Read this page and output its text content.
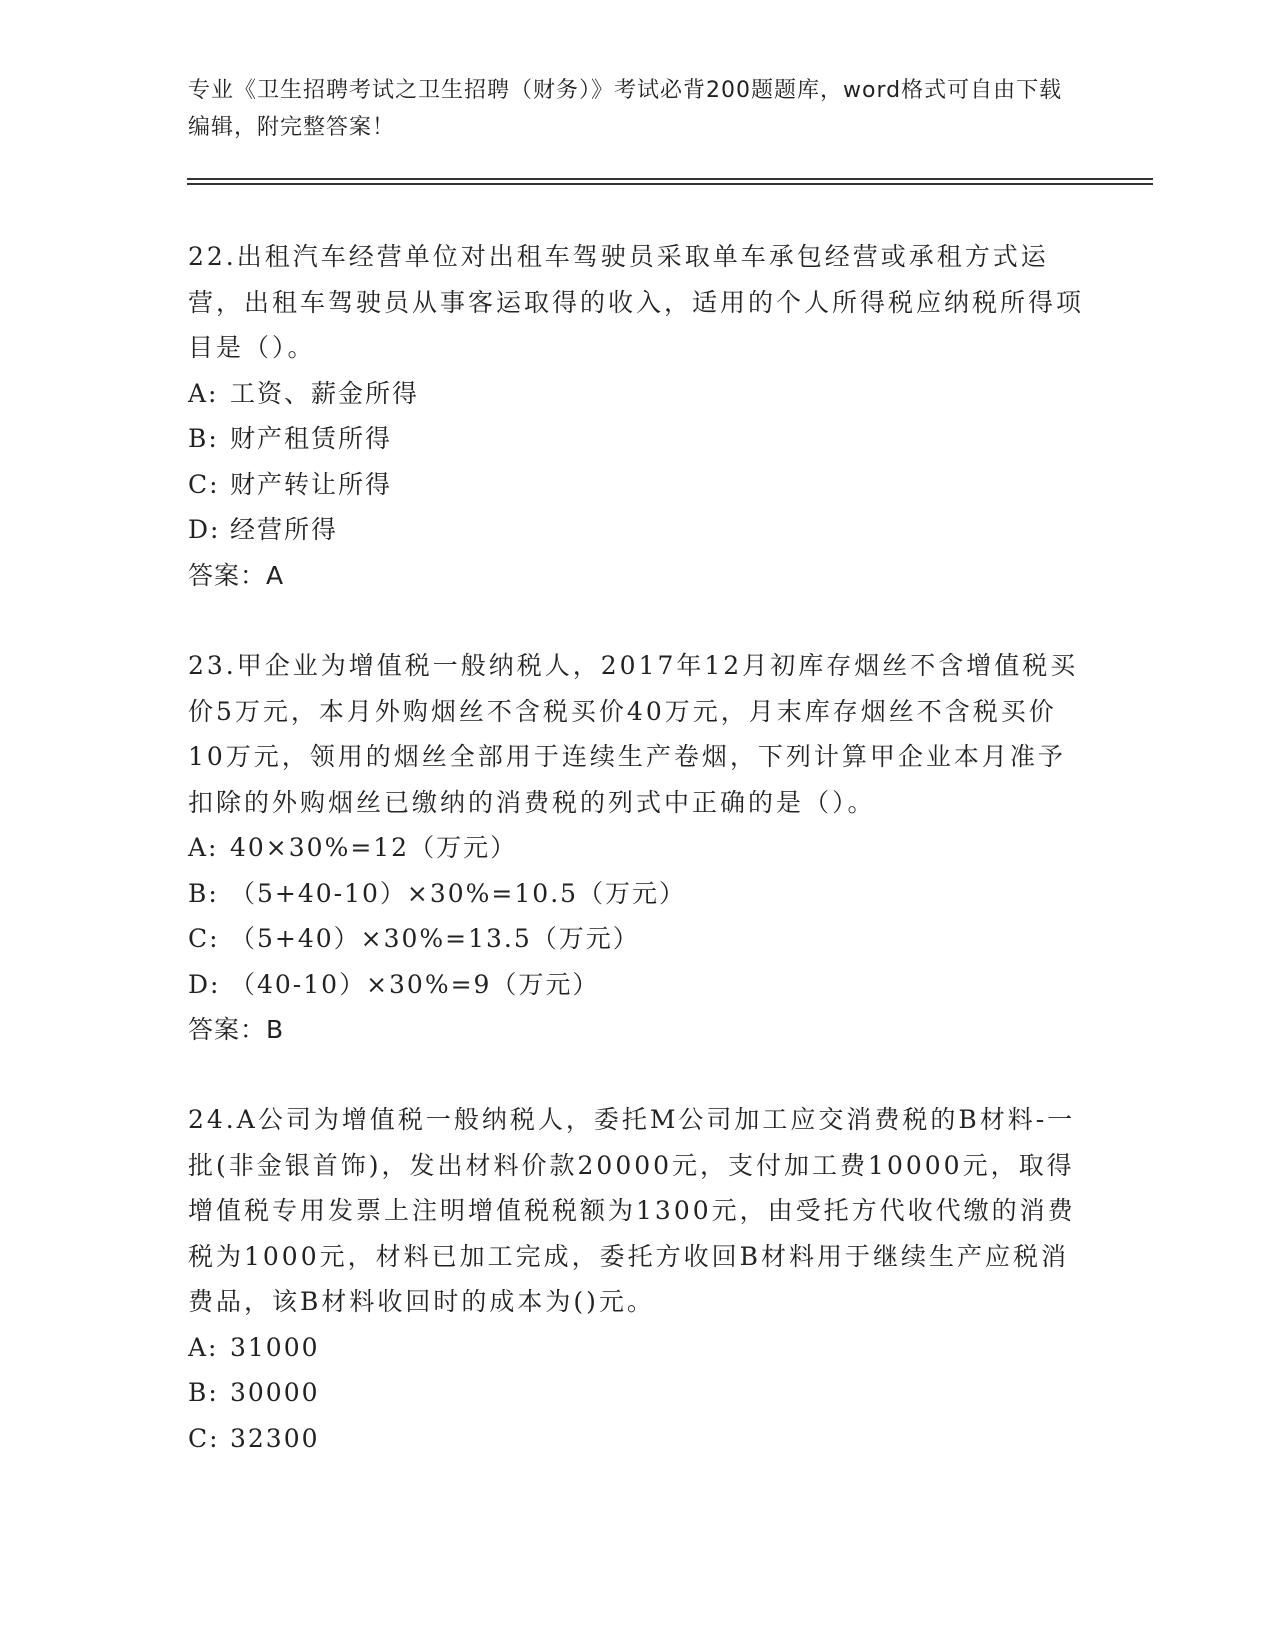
专业《卫生招聘考试之卫生招聘（财务）》考试必背200题题库，word格式可自由下载编辑，附完整答案！

22.出租汽车经营单位对出租车驾驶员采取单车承包经营或承租方式运营，出租车驾驶员从事客运取得的收入，适用的个人所得税应纳税所得项目是（）。

A: 工资、薪金所得

B: 财产租赁所得

C: 财产转让所得

D: 经营所得

答案：A

23.甲企业为增值税一般纳税人，2017年12月初库存烟丝不含增值税买价5万元，本月外购烟丝不含税买价40万元，月末库存烟丝不含税买价10万元，领用的烟丝全部用于连续生产卷烟，下列计算甲企业本月准予扣除的外购烟丝已缴纳的消费税的列式中正确的是（）。

A: 40×30%=12（万元）

B: （5+40-10）×30%=10.5（万元）

C: （5+40）×30%=13.5（万元）

D: （40-10）×30%=9（万元）

答案：B

24.A公司为增值税一般纳税人，委托M公司加工应交消费税的B材料-一批(非金银首饰)，发出材料价款20000元，支付加工费10000元，取得增值税专用发票上注明增值税税额为1300元，由受托方代收代缴的消费税为1000元，材料已加工完成，委托方收回B材料用于继续生产应税消费品，该B材料收回时的成本为()元。

A: 31000

B: 30000

C: 32300
